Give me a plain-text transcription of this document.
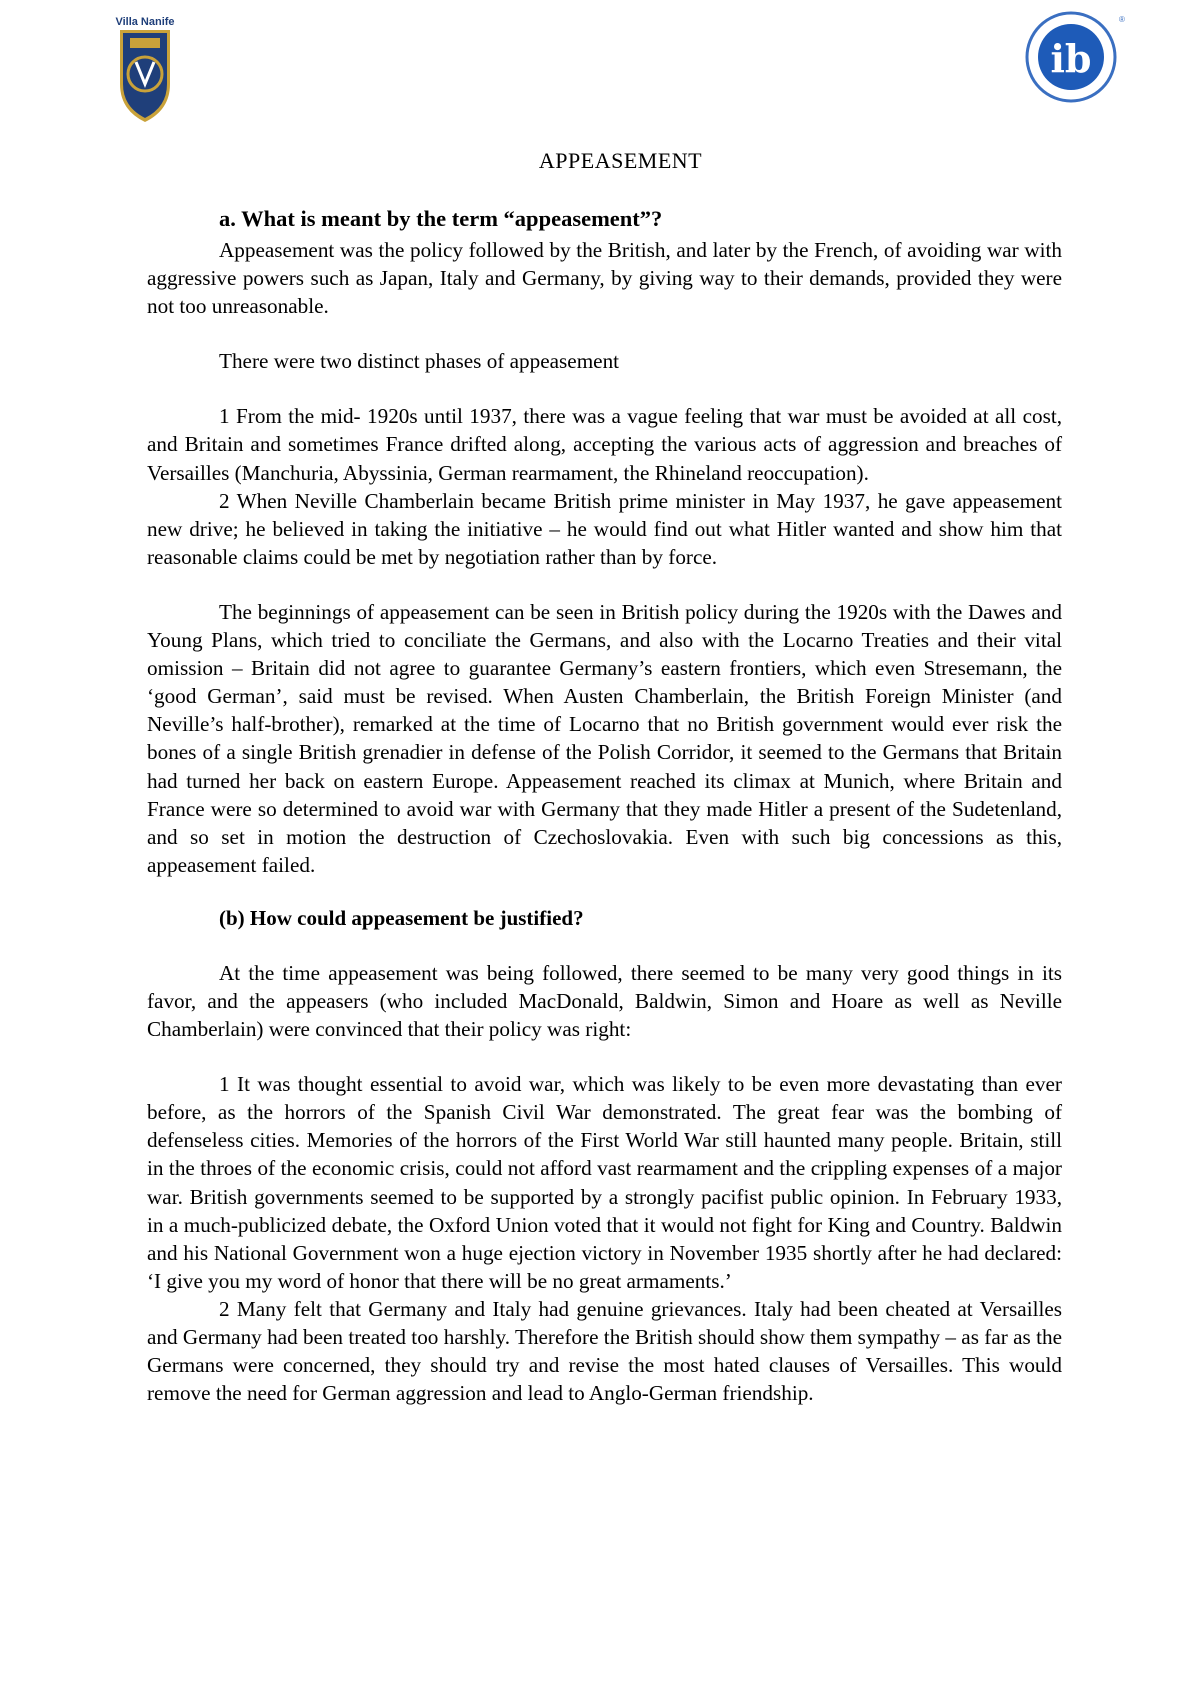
Villa Nanife
ib
®
APPEASEMENT
a. What is meant by the term “appeasement”?

Appeasement was the policy followed by the British, and later by the French, of avoiding war with aggressive powers such as Japan, Italy and Germany, by giving way to their demands, provided they were not too unreasonable.

There were two distinct phases of appeasement

1 From the mid- 1920s until 1937, there was a vague feeling that war must be avoided at all cost, and Britain and sometimes France drifted along, accepting the various acts of aggression and breaches of Versailles (Manchuria, Abyssinia, German rearmament, the Rhineland reoccupation).

2 When Neville Chamberlain became British prime minister in May 1937, he gave appeasement new drive; he believed in taking the initiative – he would find out what Hitler wanted and show him that reasonable claims could be met by negotiation rather than by force.

The beginnings of appeasement can be seen in British policy during the 1920s with the Dawes and Young Plans, which tried to conciliate the Germans, and also with the Locarno Treaties and their vital omission – Britain did not agree to guarantee Germany’s eastern frontiers, which even Stresemann, the ‘good German’, said must be revised. When Austen Chamberlain, the British Foreign Minister (and Neville’s half-brother), remarked at the time of Locarno that no British government would ever risk the bones of a single British grenadier in defense of the Polish Corridor, it seemed to the Germans that Britain had turned her back on eastern Europe. Appeasement reached its climax at Munich, where Britain and France were so determined to avoid war with Germany that they made Hitler a present of the Sudetenland, and so set in motion the destruction of Czechoslovakia. Even with such big concessions as this, appeasement failed.

(b) How could appeasement be justified?

At the time appeasement was being followed, there seemed to be many very good things in its favor, and the appeasers (who included MacDonald, Baldwin, Simon and Hoare as well as Neville Chamberlain) were convinced that their policy was right:

1 It was thought essential to avoid war, which was likely to be even more devastating than ever before, as the horrors of the Spanish Civil War demonstrated. The great fear was the bombing of defenseless cities. Memories of the horrors of the First World War still haunted many people. Britain, still in the throes of the economic crisis, could not afford vast rearmament and the crippling expenses of a major war. British governments seemed to be supported by a strongly pacifist public opinion. In February 1933, in a much-publicized debate, the Oxford Union voted that it would not fight for King and Country. Baldwin and his National Government won a huge ejection victory in November 1935 shortly after he had declared: ‘I give you my word of honor that there will be no great armaments.’

2 Many felt that Germany and Italy had genuine grievances. Italy had been cheated at Versailles and Germany had been treated too harshly. Therefore the British should show them sympathy – as far as the Germans were concerned, they should try and revise the most hated clauses of Versailles. This would remove the need for German aggression and lead to Anglo-German friendship.
